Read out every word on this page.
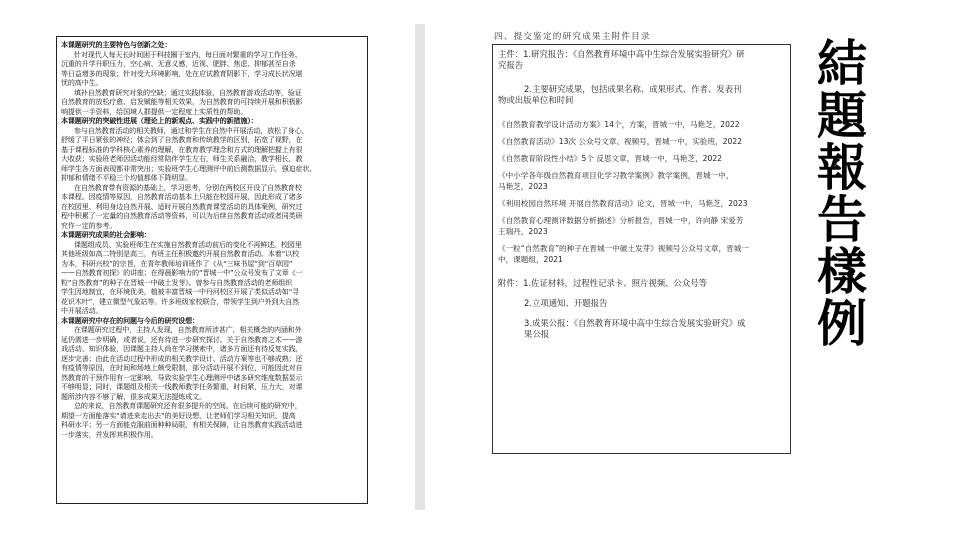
本课题研究的主要特色与创新之处：
针对现代人每天长时间困于科技圈于室内，每日面对繁重的学习工作任务、
沉重的升学升职压力，空心病、无意义感，近视、肥胖、焦虑、抑郁甚至自杀
等日益增多的现象；针对受大环境影响，处在应试教育阴影下，学习成长状况堪
忧的高中生。
填补自然教育研究对象的空缺；通过实践体验、自然教育游戏活动等，验证
自然教育的放松疗愈、启发赋能等相关效果，为自然教育的可持续开展和积极影
响提供一手资料，给国境人群提供一定程度上实质性的帮助。
本课题研究的突破性进展（理论上的新观点、实践中的新措施）：
参与自然教育活动的相关教师，通过和学生在自然中开展活动，放松了身心，
舒缓了平日紧张的神经；体会到了自然教育和传统教学的区别，拓宽了视野，在
基于课程标准的学科核心素养的理解，在教育教学理念和方式的理解把握上有很
大收获；实验班老师因活动能经常陪伴学生左右，师生关系融洽，教学相长，教
师学生各方面表现都非常突出；实验班学生心理测评中前后测数据显示，强迫症状、
抑郁和情绪不平稳三个均值都体下降明显。
在自然教育带有资源的基础上，学习思考，分别在两校区开设了自然教育校
本课程。因疫情等原因，自然教育活动基本上只能在校园开展，因此形成了诸多
在校园里、利用身边自然开展、适时开展自然教育课堂活动的具体案例，研究过
程中积累了一定量的自然教育活动等资料，可以为后续自然教育活动或者同类研
究作一定的参考。
本课题研究成果的社会影响：
课题组成员、实验班师生在实施自然教育活动前后的变化不再鲜述。校园里
其他班级如高二特别是高三，有班主任积极邀约开展自然教育活动。本着“以校
为本，科研兴校”的宗旨，在青年教师培训班作了《从“三味书屋”到“百草园”
——自然教育初探》的讲座；在得晨影响力的“晋城一中”公众号发布了文章《一
粒“自然教育”的种子在晋城一中破土发芽》。曾参与自然教育活动的老师组织
学生因地制宜，在环境优美，植被丰富晋城一中丹河校区开展了类似活动如“寻
花识木叶”，建立微型气象站等。许多班级家校联合，带领学生到户外到大自然
中开展活动。
本课题研究中存在的问题与今后的研究设想：
在课题研究过程中，主持人发现，自然教育所涉甚广，相关概念的内涵和外
延仍需进一步明确，或者说，还有待进一步研究探讨。关于自然教育之术——游
戏活动、知识体验，因课题主持人尚在学习摸索中，诸多方面还有待反复实践，
逐步完善；由此在活动过程中形成的相关教学设计、活动方案等也不够成熟；还
有疫情等原因，在时间和场地上颇受限制，部分活动开展不到位，可能因此对自
然教育的干预作用有一定影响，导致实验学生心理测评中诸多研究维度数据显示
不够明显；同时，课题组及相关一线教师教学任务繁重，时间紧，压力大，对课
题所涉内容不够了解，很多成果无法提炼成文。
总的来说，自然教育课题研究还有很多提升的空间。在后续可能的研究中，
期望一方面能落实“请进来走出去”的美好设想，让老师们学习相关知识，提高
科研水平；另一方面能克服前面种种局限，有相关保障，让自然教育实践活动进
一步落实，并发挥其积极作用。
四、提交鉴定的研究成果主附件目录
主件：1.研究报告：《自然教育环境中高中生综合发展实验研究》研
究报告
2.主要研究成果，包括成果名称、成果形式、作者、发表刊
物或出版单位和时间
《自然教育教学设计活动方案》14个，方案，晋城一中，马艳芝，2022
《自然教育活动》13次 公众号文章、视频号，晋城一中，实验班，2022
《自然教育阶段性小结》5个 反思文章，晋城一中，马艳芝，2022
《中小学各年级自然教育项目化学习教学案例》教学案例，晋城一中，
马艳芝，2023
《利用校园自然环境 开展自然教育活动》论文，晋城一中，马艳芝，2023
《自然教育心理测评数据分析描述》分析报告，晋城一中，许向静 宋爱芳
王瑞丹，2023
《一粒“自然教育”的种子在晋城一中破土发芽》视频号公众号文章，晋城一
中，课题组，2021
附件：1.佐证材料，过程性记录卡、照片视频、公众号等
2.立项通知、开题报告
3.成果公报：《自然教育环境中高中生综合发展实验研究》成
果公报
結
題
報
告
樣
例
